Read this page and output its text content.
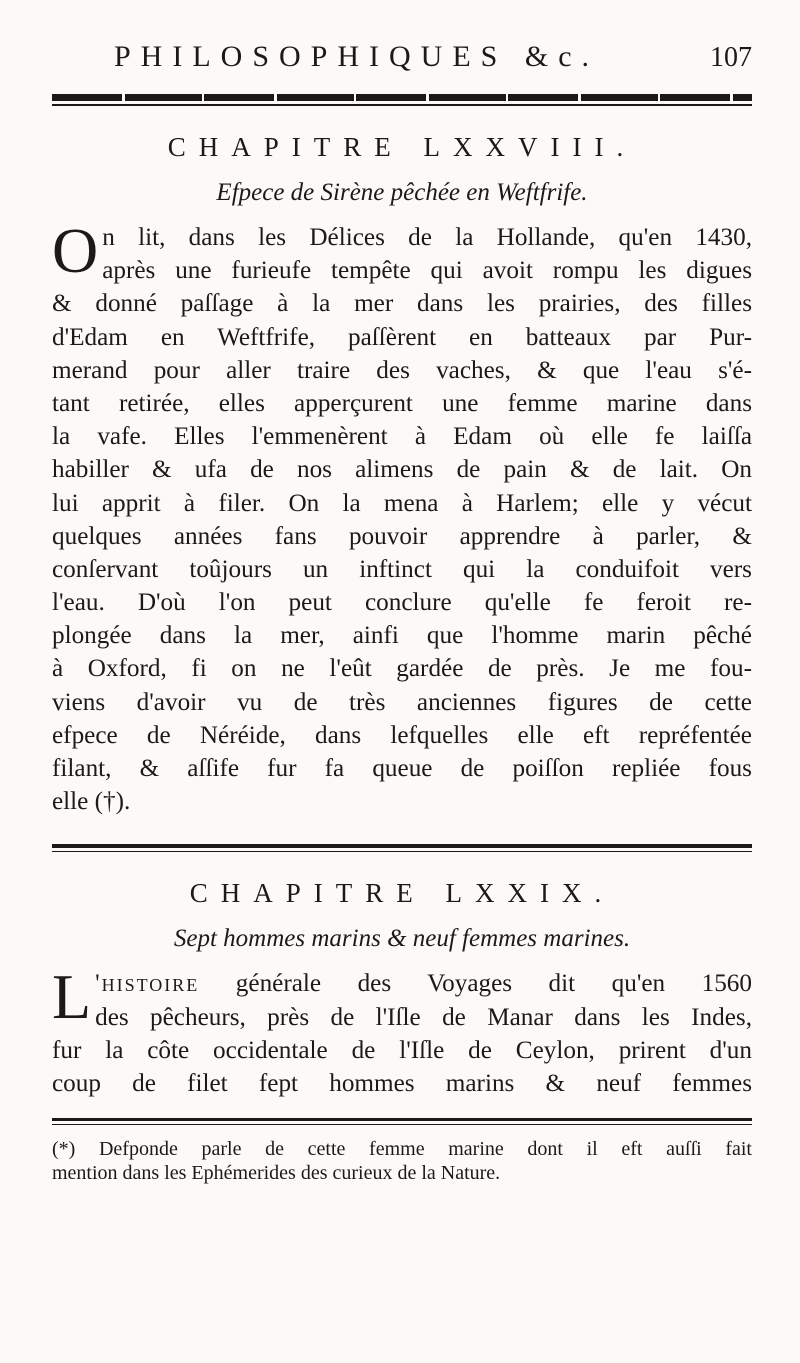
PHILOSOPHIQUES &c.	107
CHAPITRE LXXVIII.
Efpece de Sirène pêchée en Weftfrife.
O n lit, dans les Délices de la Hollande, qu'en 1430,
après une furieufe tempête qui avoit rompu les digues
& donné paſſage à la mer dans les prairies, des filles
d'Edam en Weftfrife, paſſèrent en batteaux par Pur-
merand pour aller traire des vaches, & que l'eau s'é-
tant retirée, elles apperçurent une femme marine dans
la vafe. Elles l'emmenèrent à Edam où elle fe laiſſa
habiller & ufa de nos alimens de pain & de lait. On
lui apprit à filer. On la mena à Harlem; elle y vécut
quelques années fans pouvoir apprendre à parler, &
conſervant toûjours un inftinct qui la conduifoit vers
l'eau. D'où l'on peut conclure qu'elle fe feroit re-
plongée dans la mer, ainfi que l'homme marin pêché
à Oxford, fi on ne l'eût gardée de près. Je me fou-
viens d'avoir vu de très anciennes figures de cette
efpece de Néréide, dans lefquelles elle eft repréfentée
filant, & aſſife fur fa queue de poiſſon repliée fous
elle (†).
CHAPITRE LXXIX.
Sept hommes marins & neuf femmes marines.
L 'histoire générale des Voyages dit qu'en 1560
des pêcheurs, près de l'Iſle de Manar dans les Indes,
fur la côte occidentale de l'Iſle de Ceylon, prirent d'un
coup de filet fept hommes marins & neuf femmes
(*) Defponde parle de cette femme marine dont il eft auſſi fait
mention dans les Ephémerides des curieux de la Nature.
